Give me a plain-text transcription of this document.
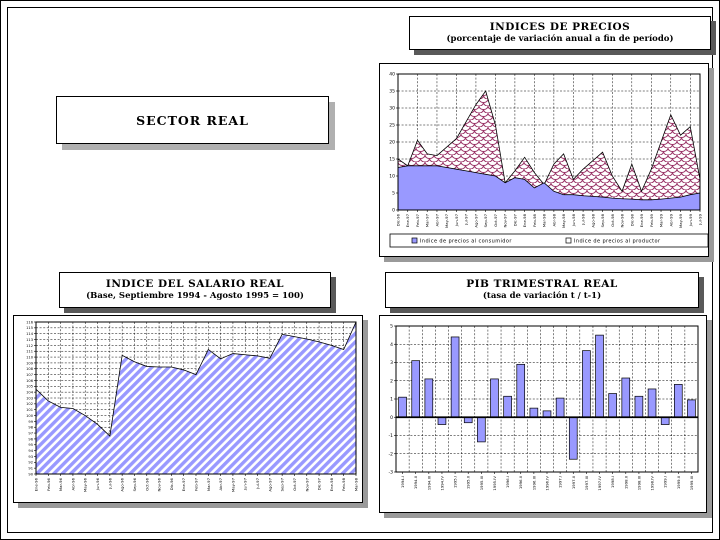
SECTOR REAL
INDICES DE PRECIOS
(porcentaje de variación anual a fin de período)
0
5
10
15
20
25
30
35
40
Dic-96 Ene-97 Feb-97 Mar-97 Abr-97 May-97 Jun-97 Jul-97 Ago-97 Sep-97 Oct-97 Nov-97 Dic-97 Ene-98 Feb-98 Mar-98 Abr-98 May-98 Jun-98 Jul-98 Ago-98 Sep-98 Oct-98 Nov-98 Dic-98 Ene-99 Feb-99 Mar-99 Abr-99 May-99 Jun-99 Jul-99
Indice de precios al consumidor	Indice de precios al productor
INDICE DEL SALARIO REAL
(Base, Septiembre 1994 - Agosto 1995 = 100)
90
91
92
93
94
95
96
97
98
99
100
101
102
103
104
105
106
107
108
109
110
111
112
113
114
115
116
Ene-96 Feb-96 Mar-96 Abr-96 May-96 Jun-96 Jul-96 Ago-96 Sep-96 Oct-96 Nov-96 Dic-96 Ene-97 Feb-97 Mar-97 Abr-97 May-97 Jun-97 Jul-97 Ago-97 Sep-97 Oct-97 Nov-97 Dic-97 Ene-98 Feb-98 Mar-98
PIB TRIMESTRAL REAL
(tasa de variación t / t-1)
-3
-2
-1
0
1
2
3
4
5
1994.I 1994.II 1994.III 1994.IV 1995.I 1995.II 1995.III 1995.IV 1996.I 1996.II 1996.III 1996.IV 1997.I 1997.II 1997.III 1997.IV 1998.I 1998.II 1998.III 1998.IV 1999.I 1999.II 1999.III
